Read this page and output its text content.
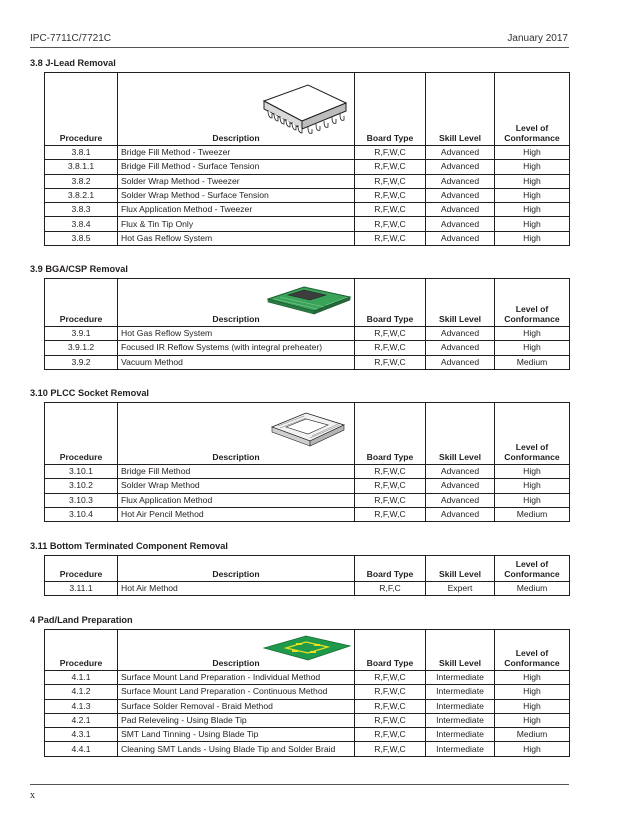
IPC-7711C/7721C	January 2017
3.8 J-Lead Removal
Procedure	Description	Board Type	Skill Level	Level of Conformance
3.8.1	Bridge Fill Method - Tweezer	R,F,W,C	Advanced	High
3.8.1.1	Bridge Fill Method - Surface Tension	R,F,W,C	Advanced	High
3.8.2	Solder Wrap Method - Tweezer	R,F,W,C	Advanced	High
3.8.2.1	Solder Wrap Method - Surface Tension	R,F,W,C	Advanced	High
3.8.3	Flux Application Method - Tweezer	R,F,W,C	Advanced	High
3.8.4	Flux & Tin Tip Only	R,F,W,C	Advanced	High
3.8.5	Hot Gas Reflow System	R,F,W,C	Advanced	High
3.9 BGA/CSP Removal
Procedure	Description	Board Type	Skill Level	Level of Conformance
3.9.1	Hot Gas Reflow System	R,F,W,C	Advanced	High
3.9.1.2	Focused IR Reflow Systems (with integral preheater)	R,F,W,C	Advanced	High
3.9.2	Vacuum Method	R,F,W,C	Advanced	Medium
3.10 PLCC Socket Removal
Procedure	Description	Board Type	Skill Level	Level of Conformance
3.10.1	Bridge Fill Method	R,F,W,C	Advanced	High
3.10.2	Solder Wrap Method	R,F,W,C	Advanced	High
3.10.3	Flux Application Method	R,F,W,C	Advanced	High
3.10.4	Hot Air Pencil Method	R,F,W,C	Advanced	Medium
3.11 Bottom Terminated Component Removal
Procedure	Description	Board Type	Skill Level	Level of Conformance
3.11.1	Hot Air Method	R,F,C	Expert	Medium
4 Pad/Land Preparation
Procedure	Description	Board Type	Skill Level	Level of Conformance
4.1.1	Surface Mount Land Preparation - Individual Method	R,F,W,C	Intermediate	High
4.1.2	Surface Mount Land Preparation - Continuous Method	R,F,W,C	Intermediate	High
4.1.3	Surface Solder Removal - Braid Method	R,F,W,C	Intermediate	High
4.2.1	Pad Releveling - Using Blade Tip	R,F,W,C	Intermediate	High
4.3.1	SMT Land Tinning - Using Blade Tip	R,F,W,C	Intermediate	Medium
4.4.1	Cleaning SMT Lands - Using Blade Tip and Solder Braid	R,F,W,C	Intermediate	High
x
